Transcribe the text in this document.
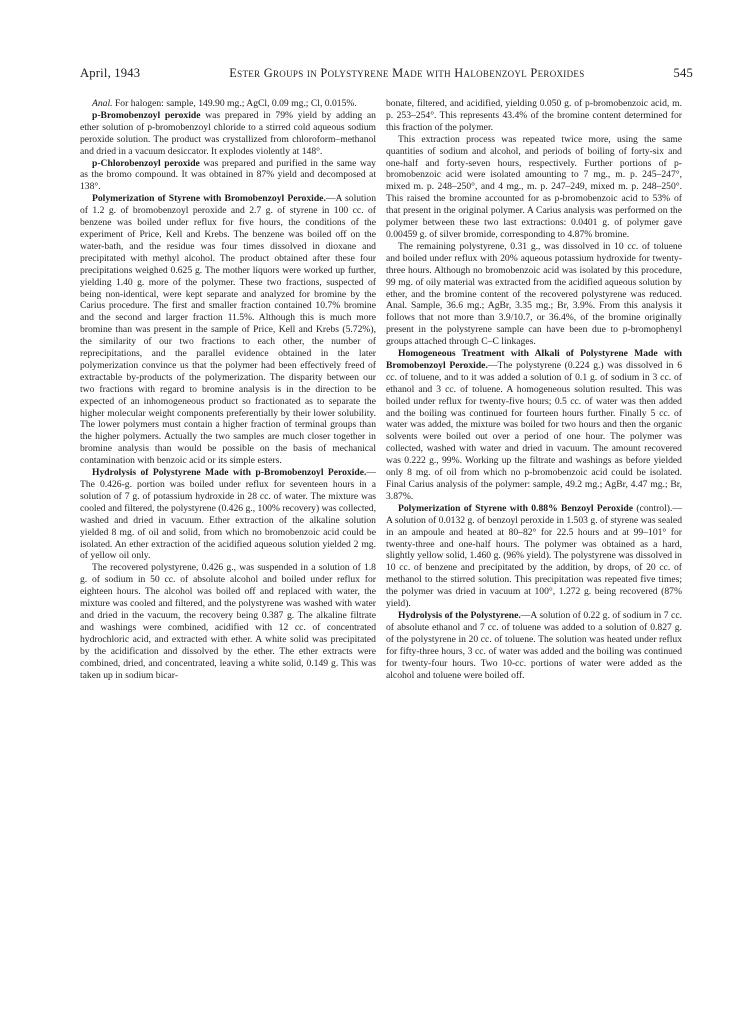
April, 1943	Ester Groups in Polystyrene Made with Halobenzoyl Peroxides	545

Anal. For halogen: sample, 149.90 mg.; AgCl, 0.09 mg.; Cl, 0.015%.

p-Bromobenzoyl peroxide was prepared in 79% yield by adding an ether solution of p-bromobenzoyl chloride to a stirred cold aqueous sodium peroxide solution. The product was crystallized from chloroform–methanol and dried in a vacuum desiccator. It explodes violently at 148°.

p-Chlorobenzoyl peroxide was prepared and purified in the same way as the bromo compound. It was obtained in 87% yield and decomposed at 138°.

Polymerization of Styrene with Bromobenzoyl Peroxide.—A solution of 1.2 g. of bromobenzoyl peroxide and 2.7 g. of styrene in 100 cc. of benzene was boiled under reflux for five hours, the conditions of the experiment of Price, Kell and Krebs. The benzene was boiled off on the water-bath, and the residue was four times dissolved in dioxane and precipitated with methyl alcohol. The product obtained after these four precipitations weighed 0.625 g. The mother liquors were worked up further, yielding 1.40 g. more of the polymer. These two fractions, suspected of being non-identical, were kept separate and analyzed for bromine by the Carius procedure. The first and smaller fraction contained 10.7% bromine and the second and larger fraction 11.5%. Although this is much more bromine than was present in the sample of Price, Kell and Krebs (5.72%), the similarity of our two fractions to each other, the number of reprecipitations, and the parallel evidence obtained in the later polymerization convince us that the polymer had been effectively freed of extractable by-products of the polymerization. The disparity between our two fractions with regard to bromine analysis is in the direction to be expected of an inhomogeneous product so fractionated as to separate the higher molecular weight components preferentially by their lower solubility. The lower polymers must contain a higher fraction of terminal groups than the higher polymers. Actually the two samples are much closer together in bromine analysis than would be possible on the basis of mechanical contamination with benzoic acid or its simple esters.

Hydrolysis of Polystyrene Made with p-Bromobenzoyl Peroxide.—The 0.426-g. portion was boiled under reflux for seventeen hours in a solution of 7 g. of potassium hydroxide in 28 cc. of water. The mixture was cooled and filtered, the polystyrene (0.426 g., 100% recovery) was collected, washed and dried in vacuum. Ether extraction of the alkaline solution yielded 8 mg. of oil and solid, from which no bromobenzoic acid could be isolated. An ether extraction of the acidified aqueous solution yielded 2 mg. of yellow oil only.

The recovered polystyrene, 0.426 g., was suspended in a solution of 1.8 g. of sodium in 50 cc. of absolute alcohol and boiled under reflux for eighteen hours. The alcohol was boiled off and replaced with water, the mixture was cooled and filtered, and the polystyrene was washed with water and dried in the vacuum, the recovery being 0.387 g. The alkaline filtrate and washings were combined, acidified with 12 cc. of concentrated hydrochloric acid, and extracted with ether. A white solid was precipitated by the acidification and dissolved by the ether. The ether extracts were combined, dried, and concentrated, leaving a white solid, 0.149 g. This was taken up in sodium bicar-

bonate, filtered, and acidified, yielding 0.050 g. of p-bromobenzoic acid, m. p. 253–254°. This represents 43.4% of the bromine content determined for this fraction of the polymer.

This extraction process was repeated twice more, using the same quantities of sodium and alcohol, and periods of boiling of forty-six and one-half and forty-seven hours, respectively. Further portions of p-bromobenzoic acid were isolated amounting to 7 mg., m. p. 245–247°, mixed m. p. 248–250°, and 4 mg., m. p. 247–249, mixed m. p. 248–250°. This raised the bromine accounted for as p-bromobenzoic acid to 53% of that present in the original polymer. A Carius analysis was performed on the polymer between these two last extractions: 0.0401 g. of polymer gave 0.00459 g. of silver bromide, corresponding to 4.87% bromine.

The remaining polystyrene, 0.31 g., was dissolved in 10 cc. of toluene and boiled under reflux with 20% aqueous potassium hydroxide for twenty-three hours. Although no bromobenzoic acid was isolated by this procedure, 99 mg. of oily material was extracted from the acidified aqueous solution by ether, and the bromine content of the recovered polystyrene was reduced. Anal. Sample, 36.6 mg.; AgBr, 3.35 mg.; Br, 3.9%. From this analysis it follows that not more than 3.9/10.7, or 36.4%, of the bromine originally present in the polystyrene sample can have been due to p-bromophenyl groups attached through C–C linkages.

Homogeneous Treatment with Alkali of Polystyrene Made with Bromobenzoyl Peroxide.—The polystyrene (0.224 g.) was dissolved in 6 cc. of toluene, and to it was added a solution of 0.1 g. of sodium in 3 cc. of ethanol and 3 cc. of toluene. A homogeneous solution resulted. This was boiled under reflux for twenty-five hours; 0.5 cc. of water was then added and the boiling was continued for fourteen hours further. Finally 5 cc. of water was added, the mixture was boiled for two hours and then the organic solvents were boiled out over a period of one hour. The polymer was collected, washed with water and dried in vacuum. The amount recovered was 0.222 g., 99%. Working up the filtrate and washings as before yielded only 8 mg. of oil from which no p-bromobenzoic acid could be isolated. Final Carius analysis of the polymer: sample, 49.2 mg.; AgBr, 4.47 mg.; Br, 3.87%.

Polymerization of Styrene with 0.88% Benzoyl Peroxide (control).—A solution of 0.0132 g. of benzoyl peroxide in 1.503 g. of styrene was sealed in an ampoule and heated at 80–82° for 22.5 hours and at 99–101° for twenty-three and one-half hours. The polymer was obtained as a hard, slightly yellow solid, 1.460 g. (96% yield). The polystyrene was dissolved in 10 cc. of benzene and precipitated by the addition, by drops, of 20 cc. of methanol to the stirred solution. This precipitation was repeated five times; the polymer was dried in vacuum at 100°, 1.272 g. being recovered (87% yield).

Hydrolysis of the Polystyrene.—A solution of 0.22 g. of sodium in 7 cc. of absolute ethanol and 7 cc. of toluene was added to a solution of 0.827 g. of the polystyrene in 20 cc. of toluene. The solution was heated under reflux for fifty-three hours, 3 cc. of water was added and the boiling was continued for twenty-four hours. Two 10-cc. portions of water were added as the alcohol and toluene were boiled off.
